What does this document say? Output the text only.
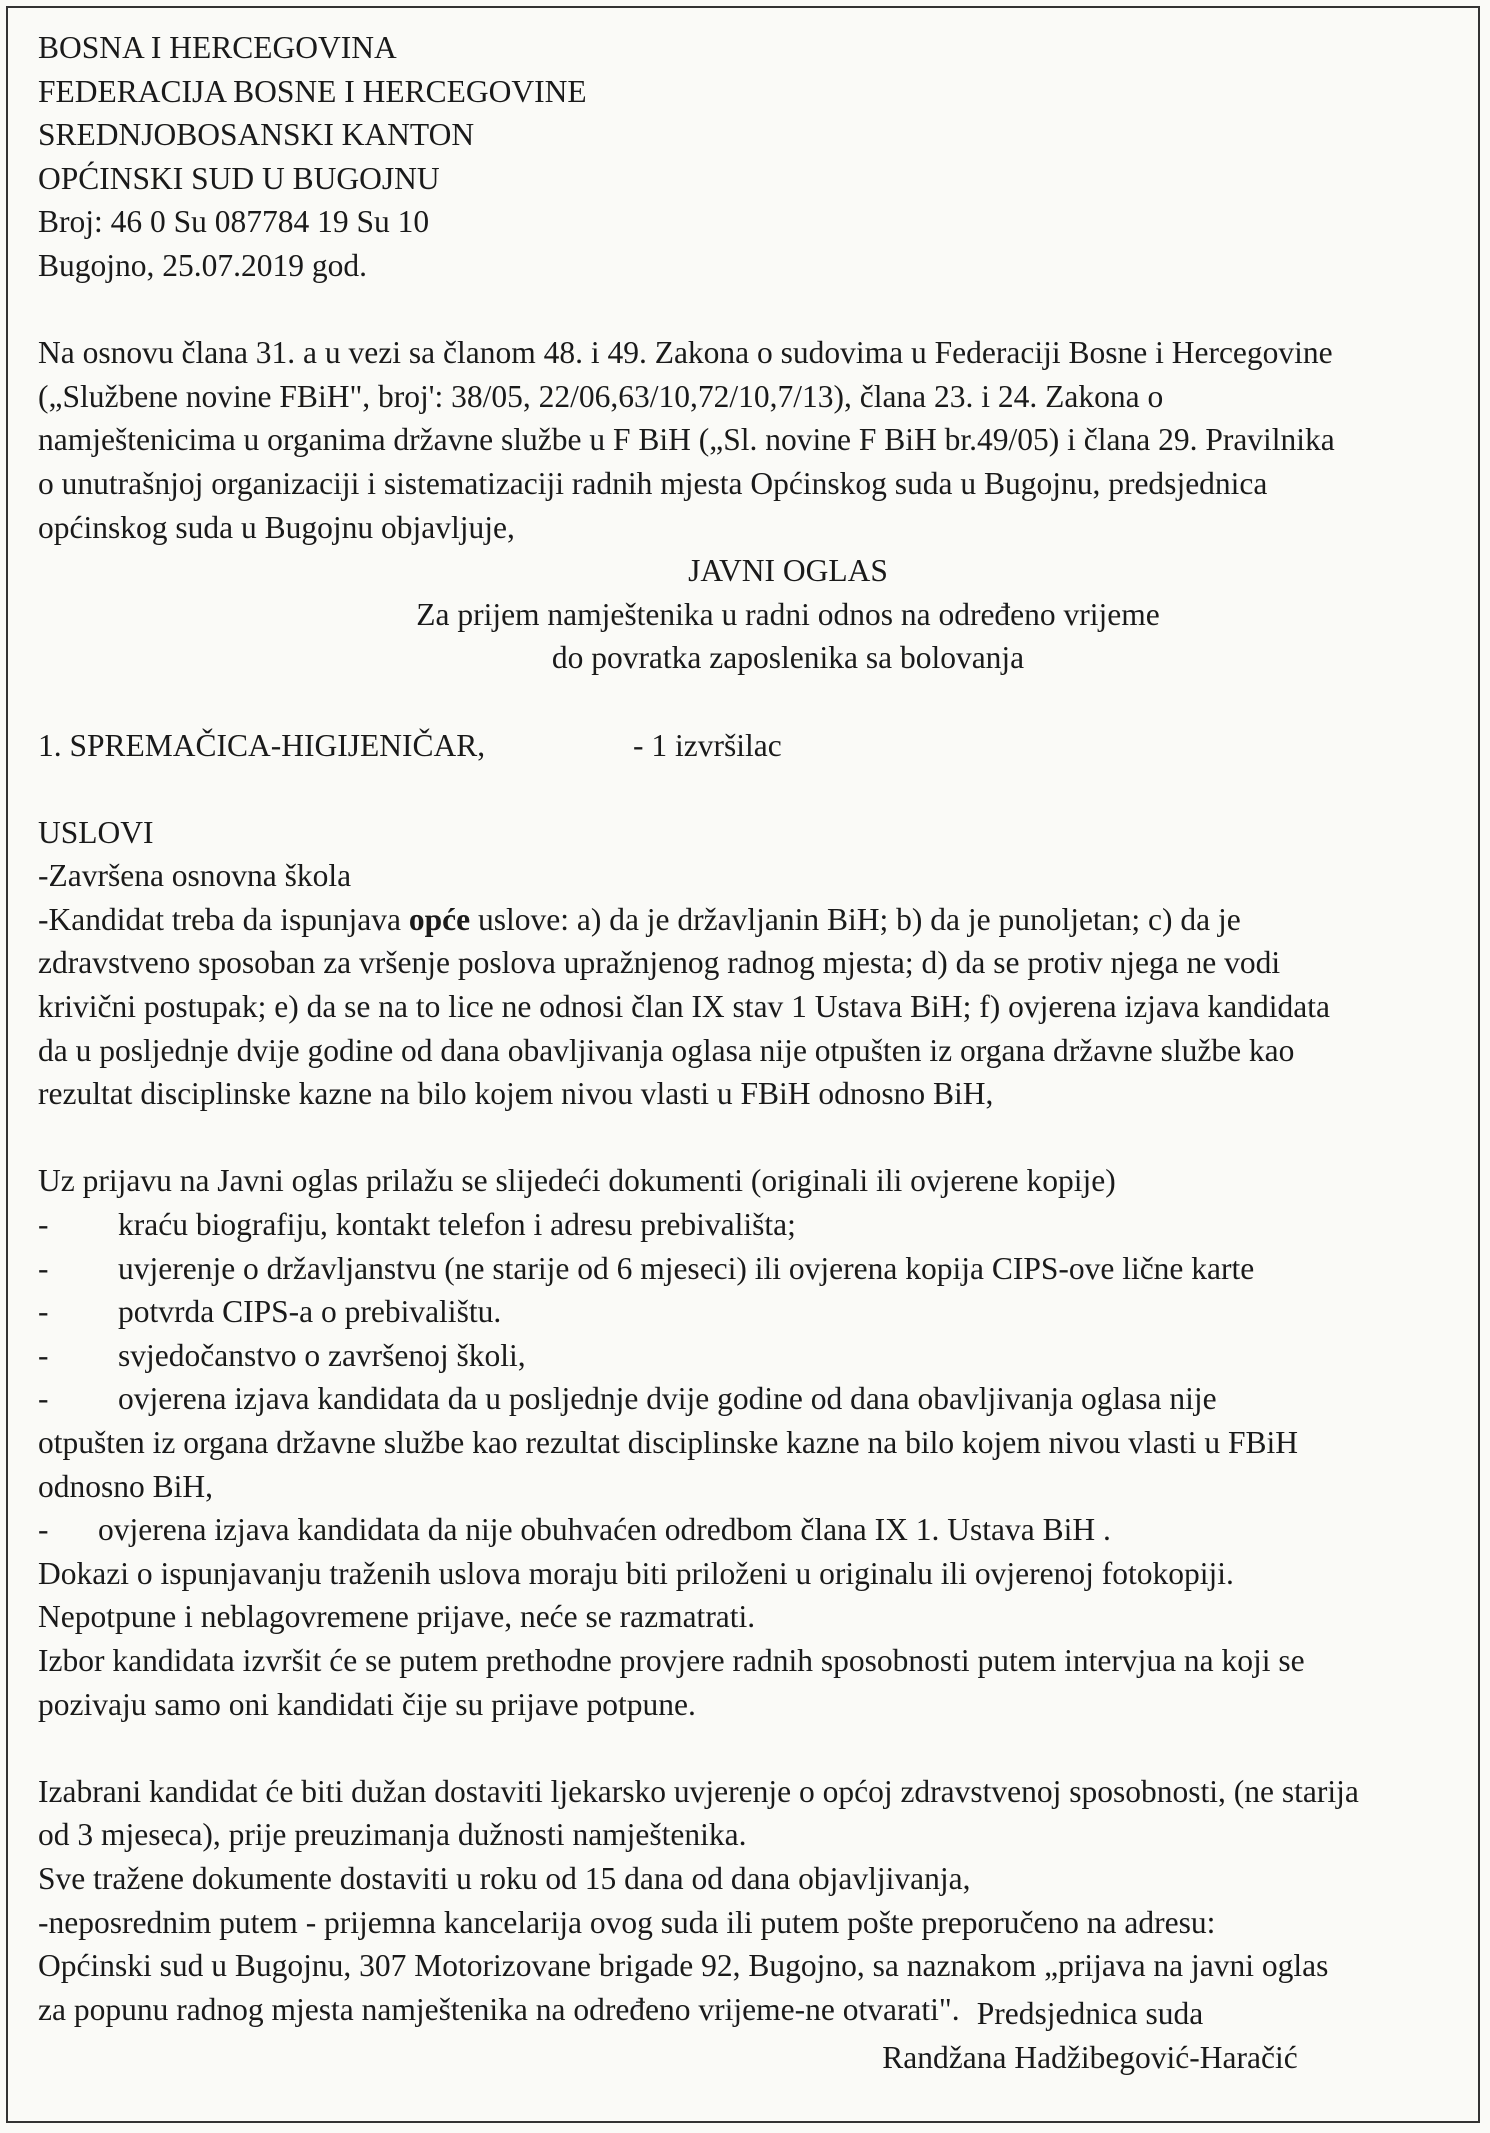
BOSNA I HERCEGOVINA
FEDERACIJA BOSNE I HERCEGOVINE
SREDNJOBOSANSKI KANTON
OPĆINSKI SUD U BUGOJNU
Broj: 46 0 Su 087784 19 Su 10
Bugojno, 25.07.2019 god.
Na osnovu člana 31. a u vezi sa članom 48. i 49. Zakona o sudovima u Federaciji Bosne i Hercegovine
(„Službene novine FBiH", broj': 38/05, 22/06,63/10,72/10,7/13), člana 23. i 24. Zakona o
namještenicima u organima državne službe u F BiH („Sl. novine F BiH br.49/05) i člana 29. Pravilnika
o unutrašnjoj organizaciji i sistematizaciji radnih mjesta Općinskog suda u Bugojnu, predsjednica
općinskog suda u Bugojnu objavljuje,
JAVNI OGLAS
Za prijem namještenika u radni odnos na određeno vrijeme
do povratka zaposlenika sa bolovanja
1. SPREMAČICA-HIGIJENIČAR,	- 1 izvršilac
USLOVI
-Završena osnovna škola
-Kandidat treba da ispunjava opće uslove: a) da je državljanin BiH; b) da je punoljetan; c) da je
zdravstveno sposoban za vršenje poslova upražnjenog radnog mjesta; d) da se protiv njega ne vodi
krivični postupak; e) da se na to lice ne odnosi član IX stav 1 Ustava BiH; f) ovjerena izjava kandidata
da u posljednje dvije godine od dana obavljivanja oglasa nije otpušten iz organa državne službe kao
rezultat disciplinske kazne na bilo kojem nivou vlasti u FBiH odnosno BiH,
Uz prijavu na Javni oglas prilažu se slijedeći dokumenti (originali ili ovjerene kopije)
- kraću biografiju, kontakt telefon i adresu prebivališta;
- uvjerenje o državljanstvu (ne starije od 6 mjeseci) ili ovjerena kopija CIPS-ove lične karte
- potvrda CIPS-a o prebivalištu.
- svjedočanstvo o završenoj školi,
- ovjerena izjava kandidata da u posljednje dvije godine od dana obavljivanja oglasa nije
otpušten iz organa državne službe kao rezultat disciplinske kazne na bilo kojem nivou vlasti u FBiH
odnosno BiH,
- ovjerena izjava kandidata da nije obuhvaćen odredbom člana IX 1. Ustava BiH .
Dokazi o ispunjavanju traženih uslova moraju biti priloženi u originalu ili ovjerenoj fotokopiji.
Nepotpune i neblagovremene prijave, neće se razmatrati.
Izbor kandidata izvršit će se putem prethodne provjere radnih sposobnosti putem intervjua na koji se
pozivaju samo oni kandidati čije su prijave potpune.
Izabrani kandidat će biti dužan dostaviti ljekarsko uvjerenje o općoj zdravstvenoj sposobnosti, (ne starija
od 3 mjeseca), prije preuzimanja dužnosti namještenika.
Sve tražene dokumente dostaviti u roku od 15 dana od dana objavljivanja,
-neposrednim putem - prijemna kancelarija ovog suda ili putem pošte preporučeno na adresu:
Općinski sud u Bugojnu, 307 Motorizovane brigade 92, Bugojno, sa naznakom „prijava na javni oglas
za popunu radnog mjesta namještenika na određeno vrijeme-ne otvarati". Predsjednica suda
Randžana Hadžibegović-Haračić
